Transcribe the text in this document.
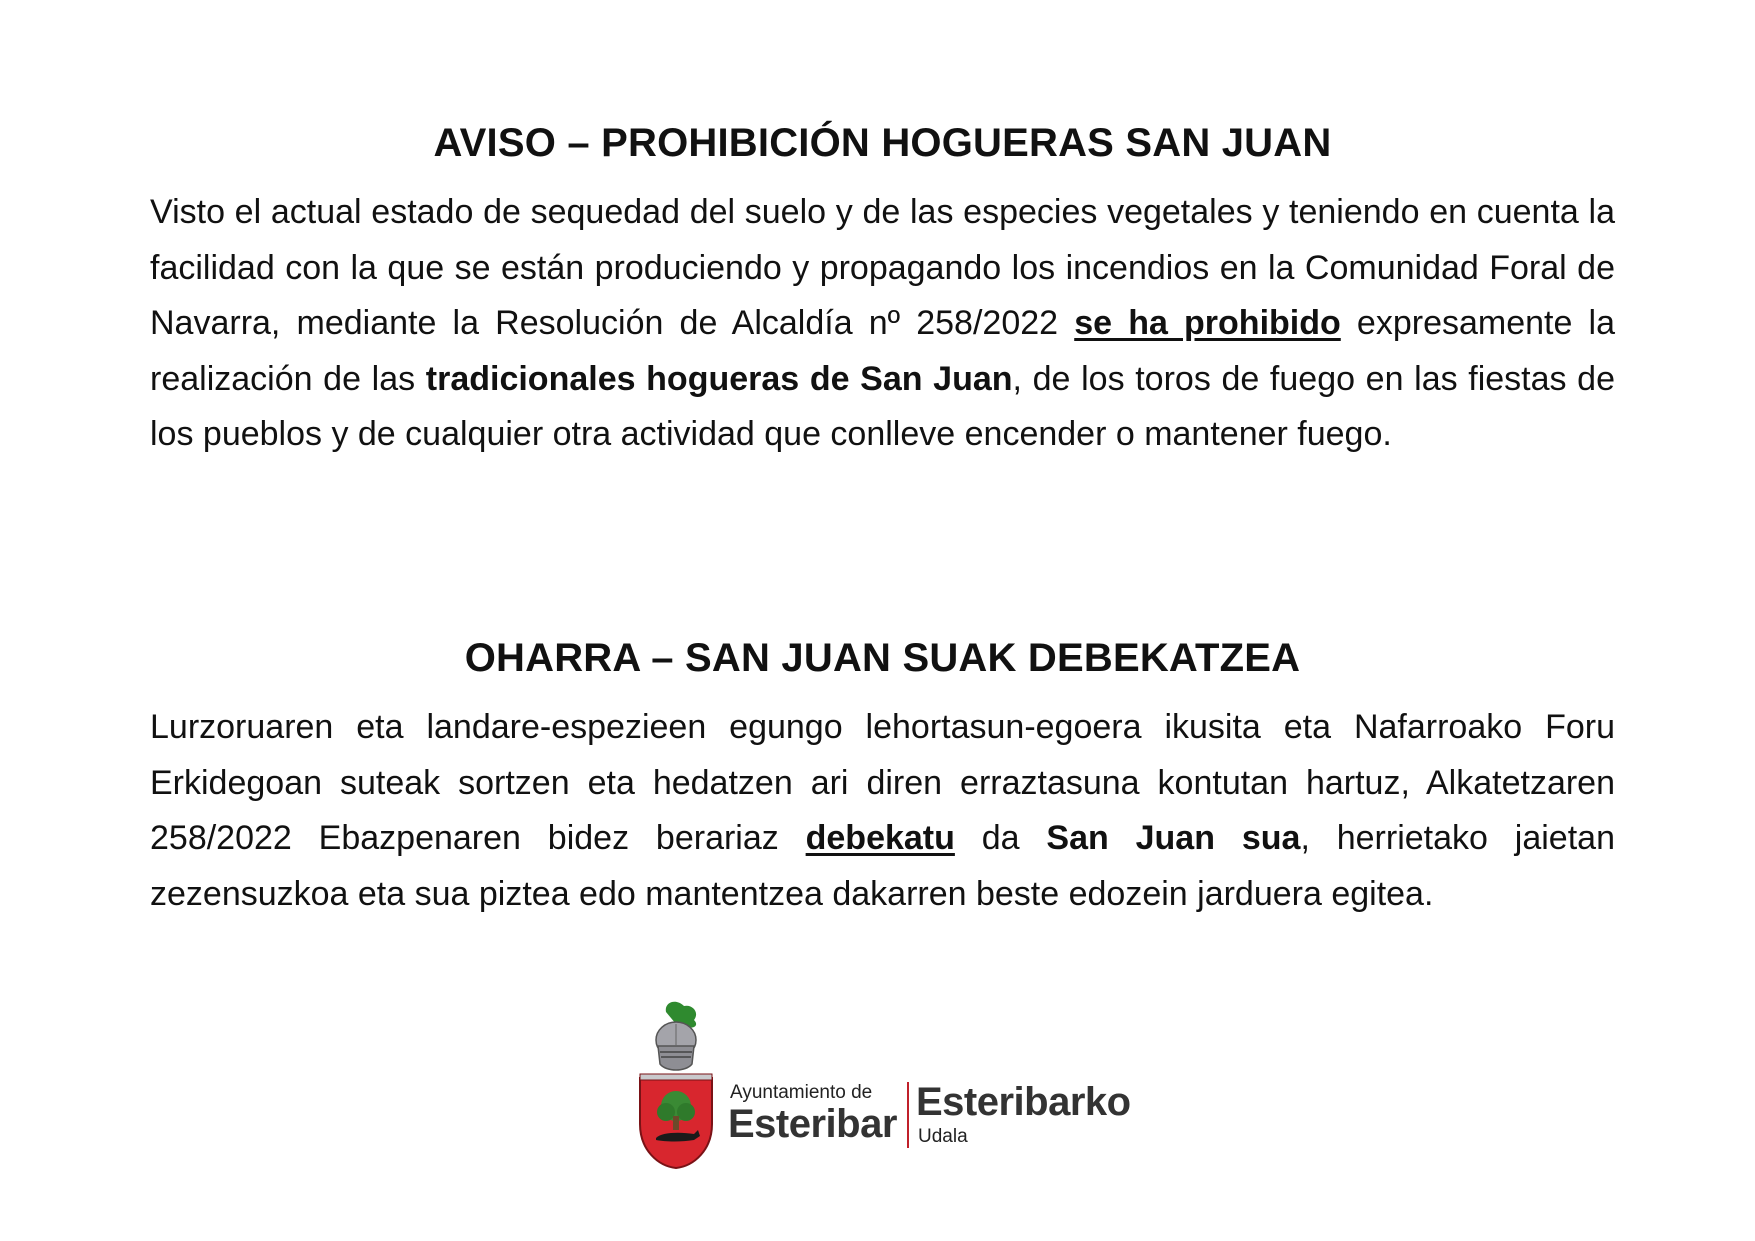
AVISO – PROHIBICIÓN HOGUERAS SAN JUAN

Visto el actual estado de sequedad del suelo y de las especies vegetales y teniendo en cuenta la facilidad con la que se están produciendo y propagando los incendios en la Comunidad Foral de Navarra, mediante la Resolución de Alcaldía nº 258/2022 se ha prohibido expresamente la realización de las tradicionales hogueras de San Juan, de los toros de fuego en las fiestas de los pueblos y de cualquier otra actividad que conlleve encender o mantener fuego.

OHARRA – SAN JUAN SUAK DEBEKATZEA

Lurzoruaren eta landare-espezieen egungo lehortasun-egoera ikusita eta Nafarroako Foru Erkidegoan suteak sortzen eta hedatzen ari diren erraztasuna kontutan hartuz, Alkatetzaren 258/2022 Ebazpenaren bidez berariaz debekatu da San Juan sua, herrietako jaietan zezensuzkoa eta sua piztea edo mantentzea dakarren beste edozein jarduera egitea.

Ayuntamiento de
Esteribar Esteribarko
Udala
